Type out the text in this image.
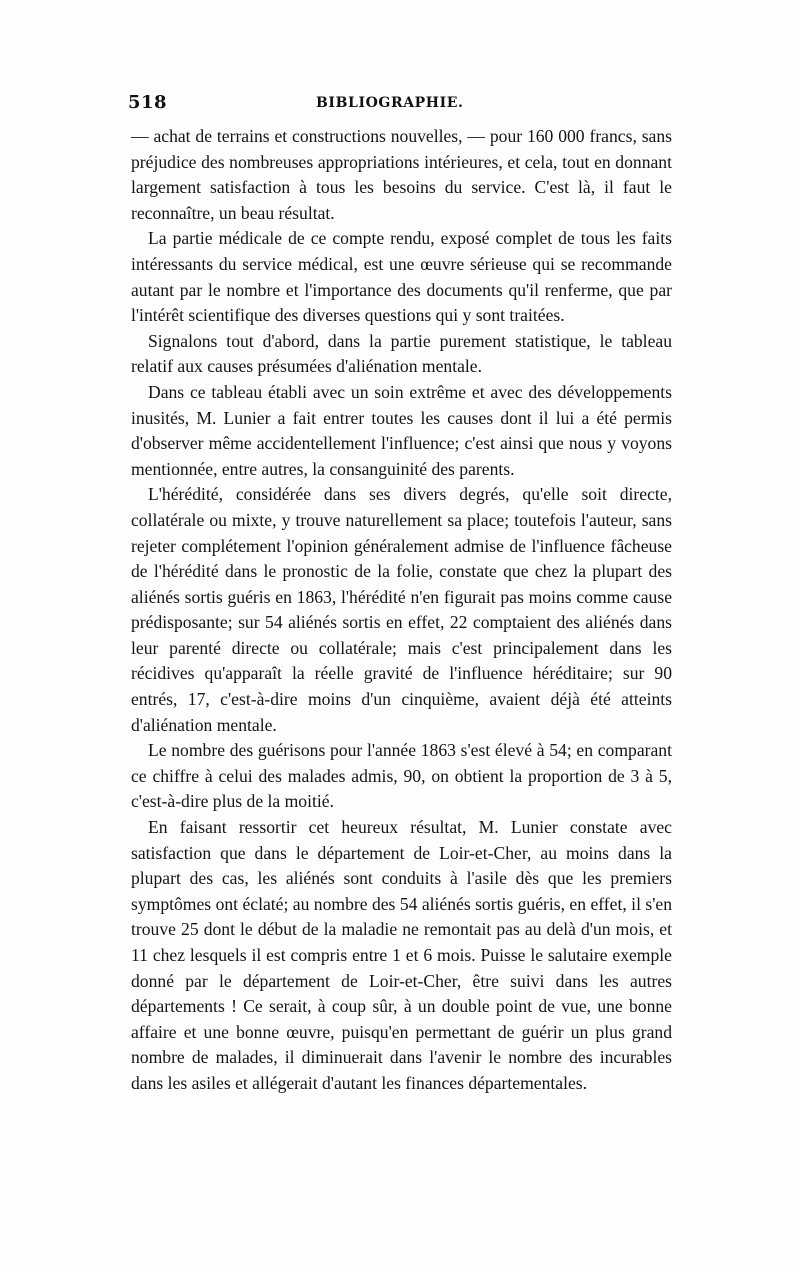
518	BIBLIOGRAPHIE.

— achat de terrains et constructions nouvelles, — pour 160 000 francs, sans préjudice des nombreuses appropriations intérieures, et cela, tout en donnant largement satisfaction à tous les besoins du service. C'est là, il faut le reconnaître, un beau résultat.

La partie médicale de ce compte rendu, exposé complet de tous les faits intéressants du service médical, est une œuvre sérieuse qui se recommande autant par le nombre et l'importance des documents qu'il renferme, que par l'intérêt scientifique des diverses questions qui y sont traitées.

Signalons tout d'abord, dans la partie purement statistique, le tableau relatif aux causes présumées d'aliénation mentale.

Dans ce tableau établi avec un soin extrême et avec des développements inusités, M. Lunier a fait entrer toutes les causes dont il lui a été permis d'observer même accidentellement l'influence; c'est ainsi que nous y voyons mentionnée, entre autres, la consanguinité des parents.

L'hérédité, considérée dans ses divers degrés, qu'elle soit directe, collatérale ou mixte, y trouve naturellement sa place; toutefois l'auteur, sans rejeter complétement l'opinion généralement admise de l'influence fâcheuse de l'hérédité dans le pronostic de la folie, constate que chez la plupart des aliénés sortis guéris en 1863, l'hérédité n'en figurait pas moins comme cause prédisposante; sur 54 aliénés sortis en effet, 22 comptaient des aliénés dans leur parenté directe ou collatérale; mais c'est principalement dans les récidives qu'apparaît la réelle gravité de l'influence héréditaire; sur 90 entrés, 17, c'est-à-dire moins d'un cinquième, avaient déjà été atteints d'aliénation mentale.

Le nombre des guérisons pour l'année 1863 s'est élevé à 54; en comparant ce chiffre à celui des malades admis, 90, on obtient la proportion de 3 à 5, c'est-à-dire plus de la moitié.

En faisant ressortir cet heureux résultat, M. Lunier constate avec satisfaction que dans le département de Loir-et-Cher, au moins dans la plupart des cas, les aliénés sont conduits à l'asile dès que les premiers symptômes ont éclaté; au nombre des 54 aliénés sortis guéris, en effet, il s'en trouve 25 dont le début de la maladie ne remontait pas au delà d'un mois, et 11 chez lesquels il est compris entre 1 et 6 mois. Puisse le salutaire exemple donné par le département de Loir-et-Cher, être suivi dans les autres départements ! Ce serait, à coup sûr, à un double point de vue, une bonne affaire et une bonne œuvre, puisqu'en permettant de guérir un plus grand nombre de malades, il diminuerait dans l'avenir le nombre des incurables dans les asiles et allégerait d'autant les finances départementales.
